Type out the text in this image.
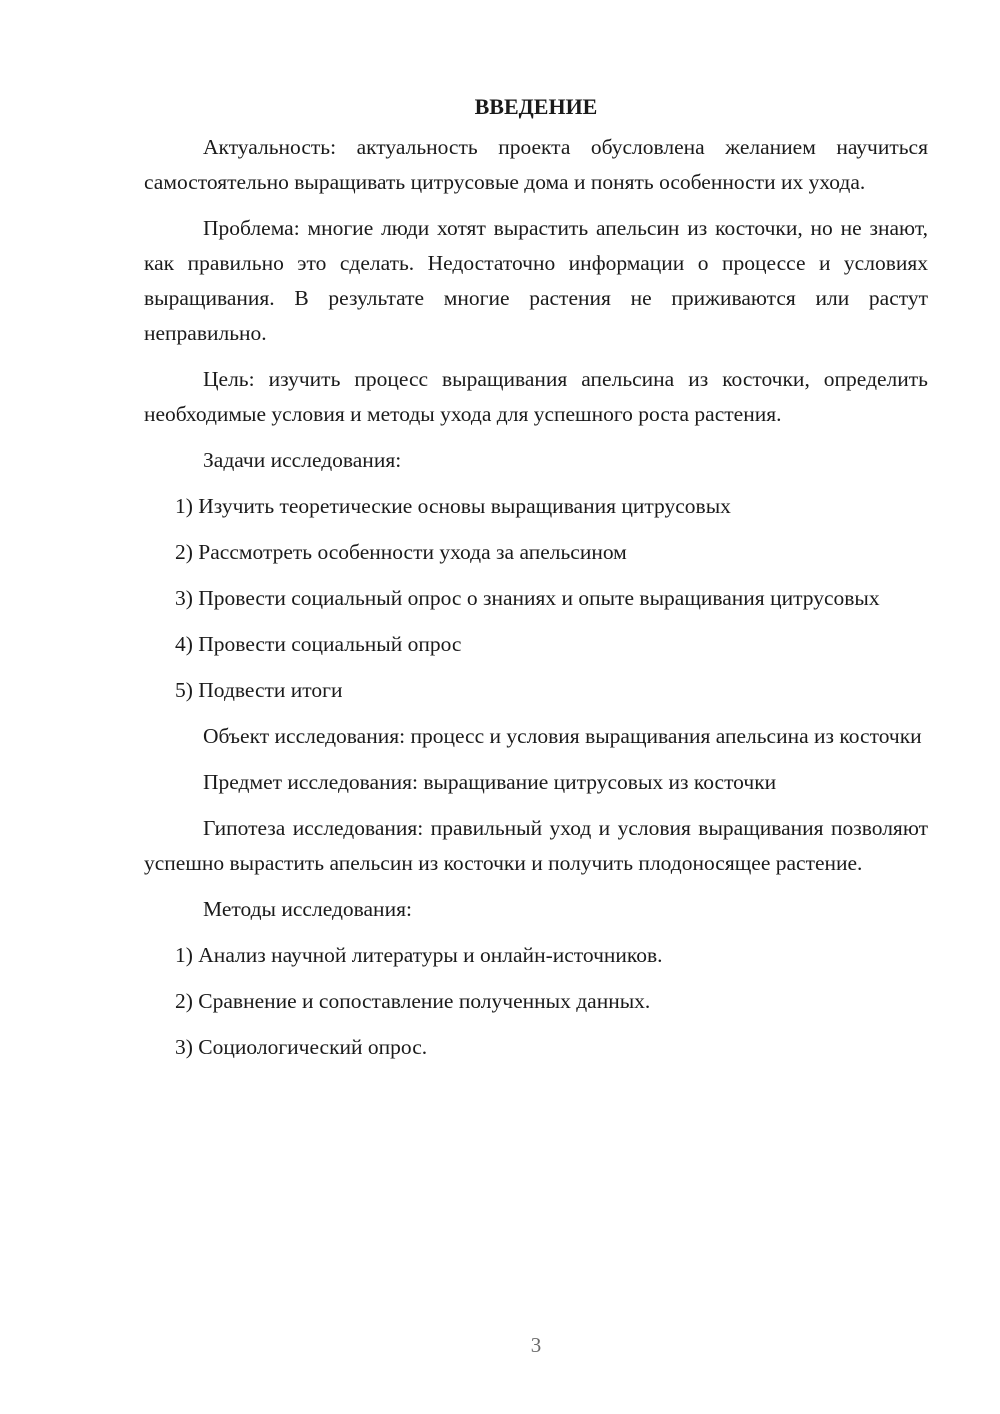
ВВЕДЕНИЕ

Актуальность: актуальность проекта обусловлена желанием научиться самостоятельно выращивать цитрусовые дома и понять особенности их ухода.

Проблема: многие люди хотят вырастить апельсин из косточки, но не знают, как правильно это сделать. Недостаточно информации о процессе и условиях выращивания. В результате многие растения не приживаются или растут неправильно.

Цель: изучить процесс выращивания апельсина из косточки, определить необходимые условия и методы ухода для успешного роста растения.

Задачи исследования:

1) Изучить теоретические основы выращивания цитрусовых

2) Рассмотреть особенности ухода за апельсином

3) Провести социальный опрос о знаниях и опыте выращивания цитрусовых

4) Провести социальный опрос

5) Подвести итоги

Объект исследования: процесс и условия выращивания апельсина из косточки

Предмет исследования: выращивание цитрусовых из косточки

Гипотеза исследования: правильный уход и условия выращивания позволяют успешно вырастить апельсин из косточки и получить плодоносящее растение.

Методы исследования:

1) Анализ научной литературы и онлайн-источников.

2) Сравнение и сопоставление полученных данных.

3) Социологический опрос.

3
